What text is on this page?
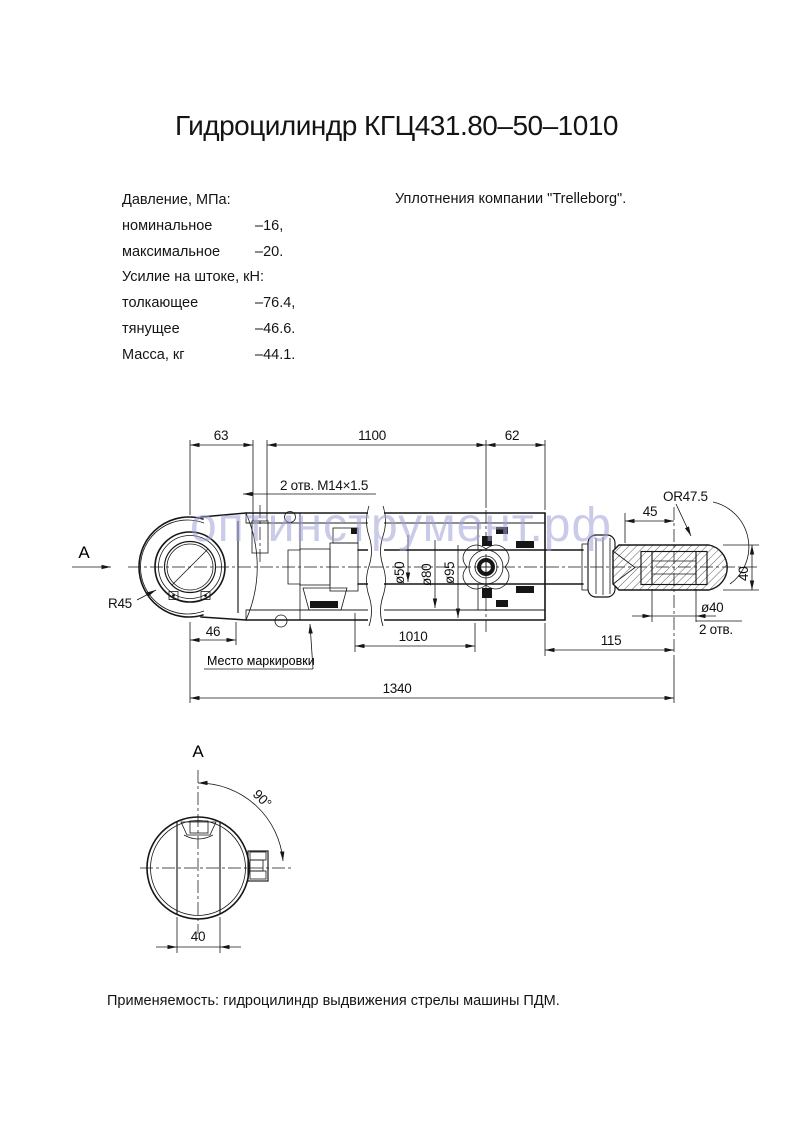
Гидроцилиндр КГЦ431.80–50–1010
Давление, МПа:
номинальное	–16,
максимальное	–20.
Усилие на штоке, кН:
толкающее	–76.4,
тянущее	–46.6.
Масса, кг	–44.1.
Уплотнения компании "Trelleborg".
63	1100	62
2 отв. M14×1.5
A
R45
46
Место маркировки
1010	115
1340
ø50 ø80 ø95
45
OR47.5
40
ø40
2 отв.
A
90°
40
оптинструмент.рф
Применяемость: гидроцилиндр выдвижения стрелы машины ПДМ.
